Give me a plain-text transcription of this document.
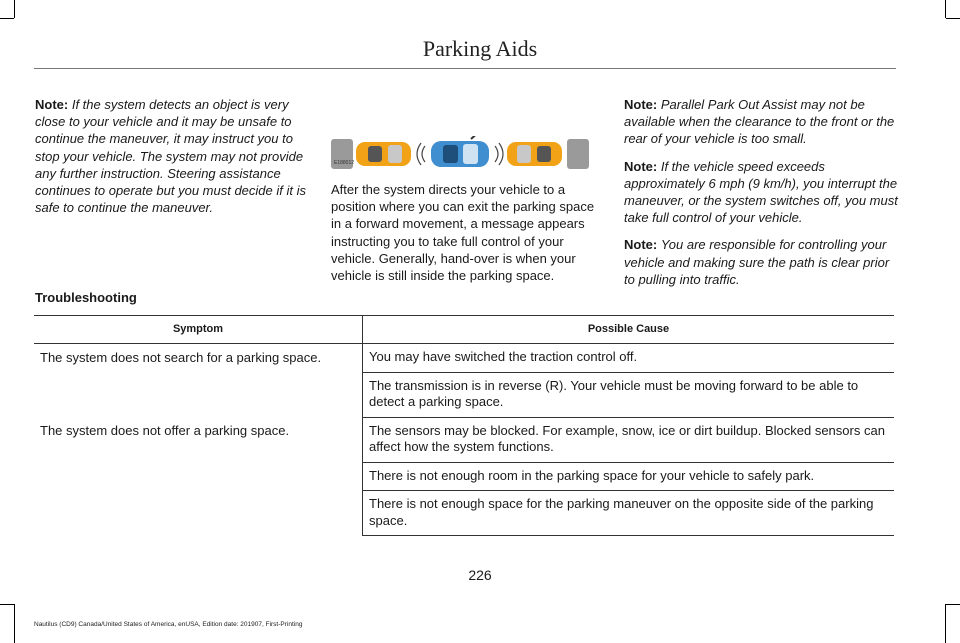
Parking Aids

Note: If the system detects an object is very close to your vehicle and it may be unsafe to continue the maneuver, it may instruct you to stop your vehicle. The system may not provide any further instruction. Steering assistance continues to operate but you must decide if it is safe to continue the maneuver.

E188012

After the system directs your vehicle to a position where you can exit the parking space in a forward movement, a message appears instructing you to take full control of your vehicle. Generally, hand-over is when your vehicle is still inside the parking space.

Note: Parallel Park Out Assist may not be available when the clearance to the front or the rear of your vehicle is too small.

Note: If the vehicle speed exceeds approximately 6 mph (9 km/h), you interrupt the maneuver, or the system switches off, you must take full control of your vehicle.

Note: You are responsible for controlling your vehicle and making sure the path is clear prior to pulling into traffic.

Troubleshooting
Symptom	Possible Cause
The system does not search for a parking space.	You may have switched the traction control off.
	The transmission is in reverse (R). Your vehicle must be moving forward to be able to detect a parking space.
The system does not offer a parking space.	The sensors may be blocked. For example, snow, ice or dirt buildup. Blocked sensors can affect how the system functions.
	There is not enough room in the parking space for your vehicle to safely park.
	There is not enough space for the parking maneuver on the opposite side of the parking space.
226
Nautilus (CD9) Canada/United States of America, enUSA, Edition date: 201907, First-Printing
